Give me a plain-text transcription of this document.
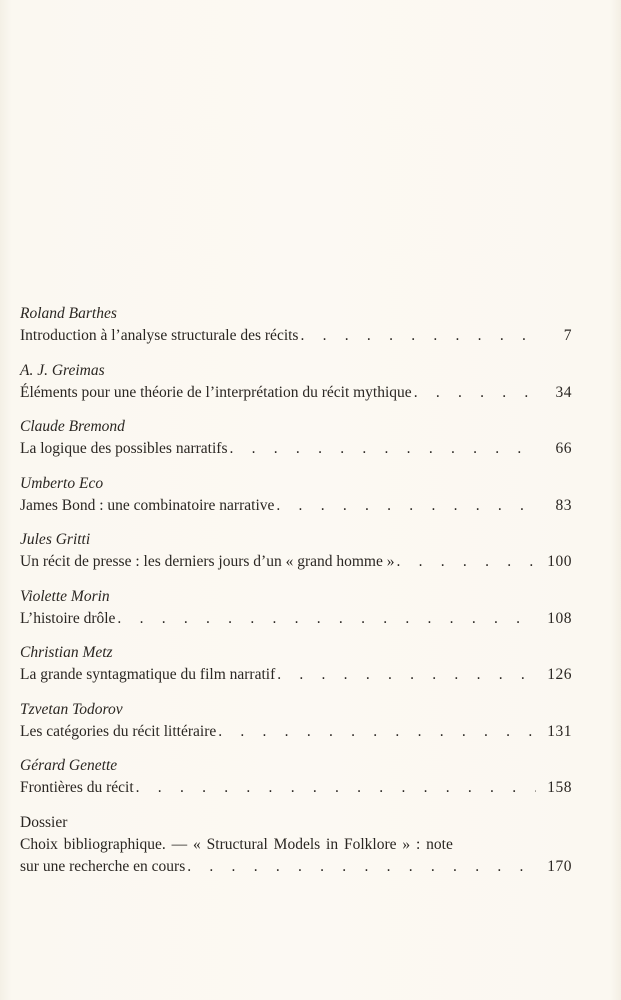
Roland Barthes
Introduction à l’analyse structurale des récits . . .	7
A. J. Greimas
Éléments pour une théorie de l’interprétation du récit mythique . . .	34
Claude Bremond
La logique des possibles narratifs . . .	66
Umberto Eco
James Bond : une combinatoire narrative . . .	83
Jules Gritti
Un récit de presse : les derniers jours d’un « grand homme » . . .	100
Violette Morin
L’histoire drôle . . .	108
Christian Metz
La grande syntagmatique du film narratif . . .	126
Tzvetan Todorov
Les catégories du récit littéraire . . .	131
Gérard Genette
Frontières du récit . . .	158
Dossier
Choix bibliographique. — « Structural Models in Folklore » : note
sur une recherche en cours . . .	170
